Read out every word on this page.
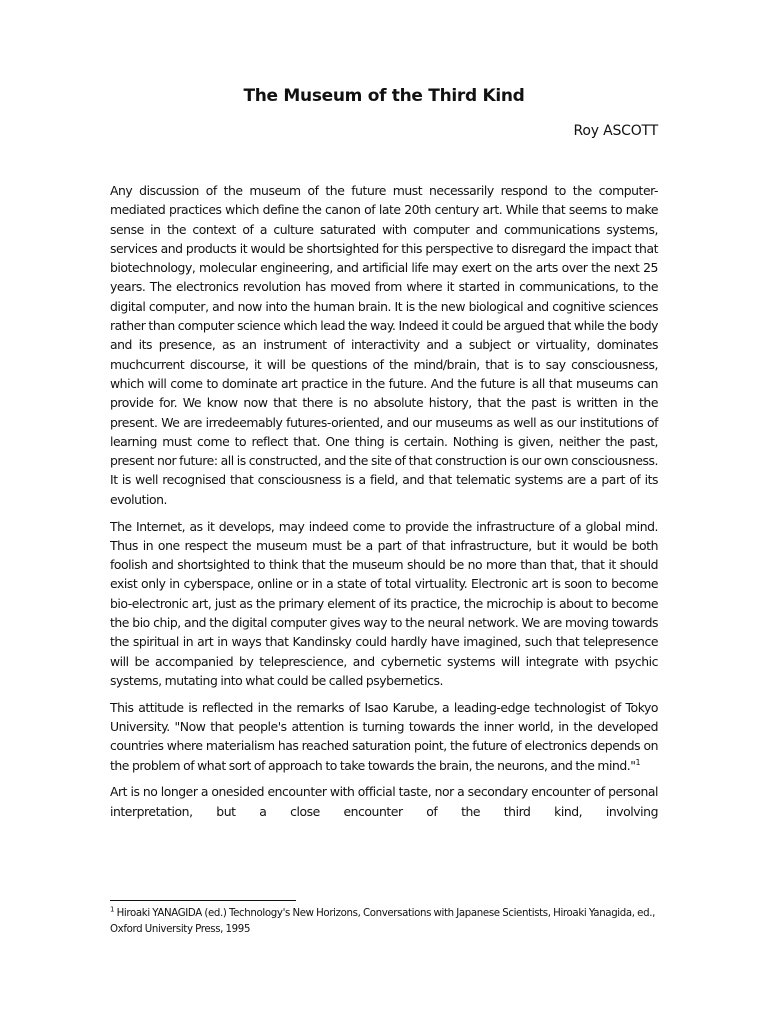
The Museum of the Third Kind
Roy ASCOTT

Any discussion of the museum of the future must necessarily respond to the computer-mediated practices which define the canon of late 20th century art. While that seems to make sense in the context of a culture saturated with computer and communications systems, services and products it would be shortsighted for this perspective to disregard the impact that biotechnology, molecular engineering, and artificial life may exert on the arts over the next 25 years. The electronics revolution has moved from where it started in communications, to the digital computer, and now into the human brain. It is the new biological and cognitive sciences rather than computer science which lead the way. Indeed it could be argued that while the body and its presence, as an instrument of interactivity and a subject or virtuality, dominates muchcurrent discourse, it will be questions of the mind/brain, that is to say consciousness, which will come to dominate art practice in the future. And the future is all that museums can provide for. We know now that there is no absolute history, that the past is written in the present. We are irredeemably futures-oriented, and our museums as well as our institutions of learning must come to reflect that. One thing is certain. Nothing is given, neither the past, present nor future: all is constructed, and the site of that construction is our own consciousness. It is well recognised that consciousness is a field, and that telematic systems are a part of its evolution.

The Internet, as it develops, may indeed come to provide the infrastructure of a global mind. Thus in one respect the museum must be a part of that infrastructure, but it would be both foolish and shortsighted to think that the museum should be no more than that, that it should exist only in cyberspace, online or in a state of total virtuality. Electronic art is soon to become bio-electronic art, just as the primary element of its practice, the microchip is about to become the bio chip, and the digital computer gives way to the neural network. We are moving towards the spiritual in art in ways that Kandinsky could hardly have imagined, such that telepresence will be accompanied by teleprescience, and cybernetic systems will integrate with psychic systems, mutating into what could be called psybernetics.

This attitude is reflected in the remarks of Isao Karube, a leading-edge technologist of Tokyo University. "Now that people's attention is turning towards the inner world, in the developed countries where materialism has reached saturation point, the future of electronics depends on the problem of what sort of approach to take towards the brain, the neurons, and the mind."$^1$

Art is no longer a onesided encounter with official taste, nor a secondary encounter of personal interpretation, but a close encounter of the third kind, involving

$^1$ Hiroaki YANAGIDA (ed.) Technology's New Horizons, Conversations with Japanese Scientists, Hiroaki Yanagida, ed., Oxford University Press, 1995
